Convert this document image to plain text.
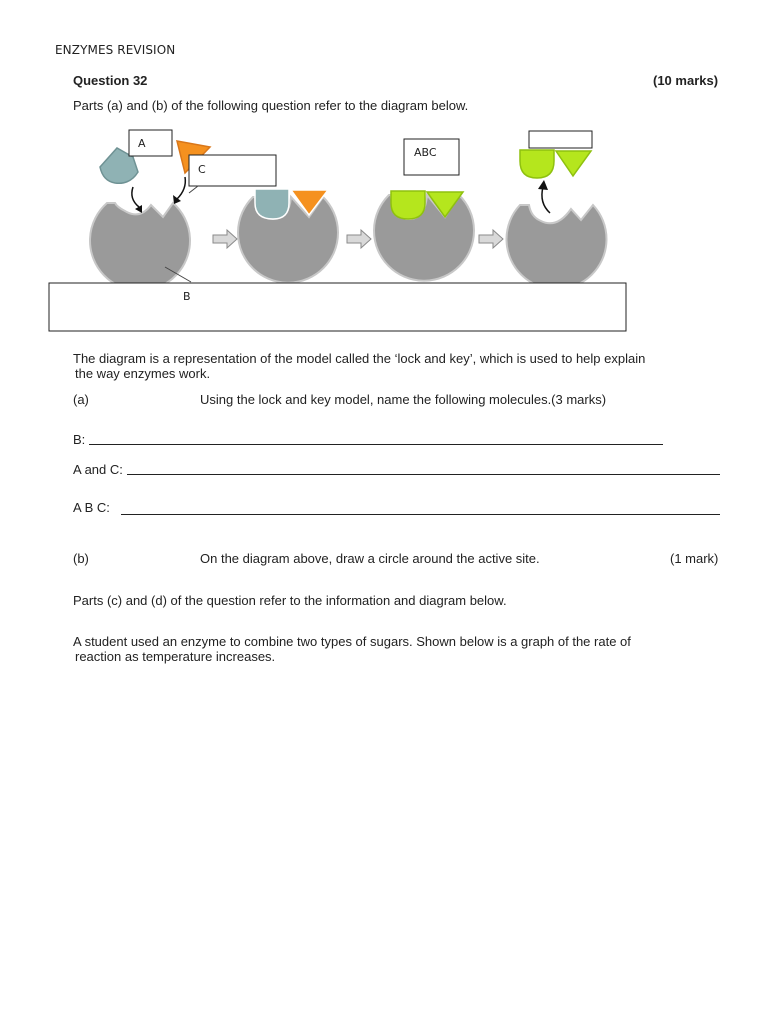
ENZYMES REVISION
Question 32	(10 marks)
Parts (a) and (b) of the following question refer to the diagram below.
A
C
ABC
B
The diagram is a representation of the model called the ‘lock and key’, which is used to help explain
the way enzymes work.
(a)	Using the lock and key model, name the following molecules.(3 marks)
B:
A and C:
A B C:
(b)	On the diagram above, draw a circle around the active site.	(1 mark)
Parts (c) and (d) of the question refer to the information and diagram below.
A student used an enzyme to combine two types of sugars. Shown below is a graph of the rate of
reaction as temperature increases.
